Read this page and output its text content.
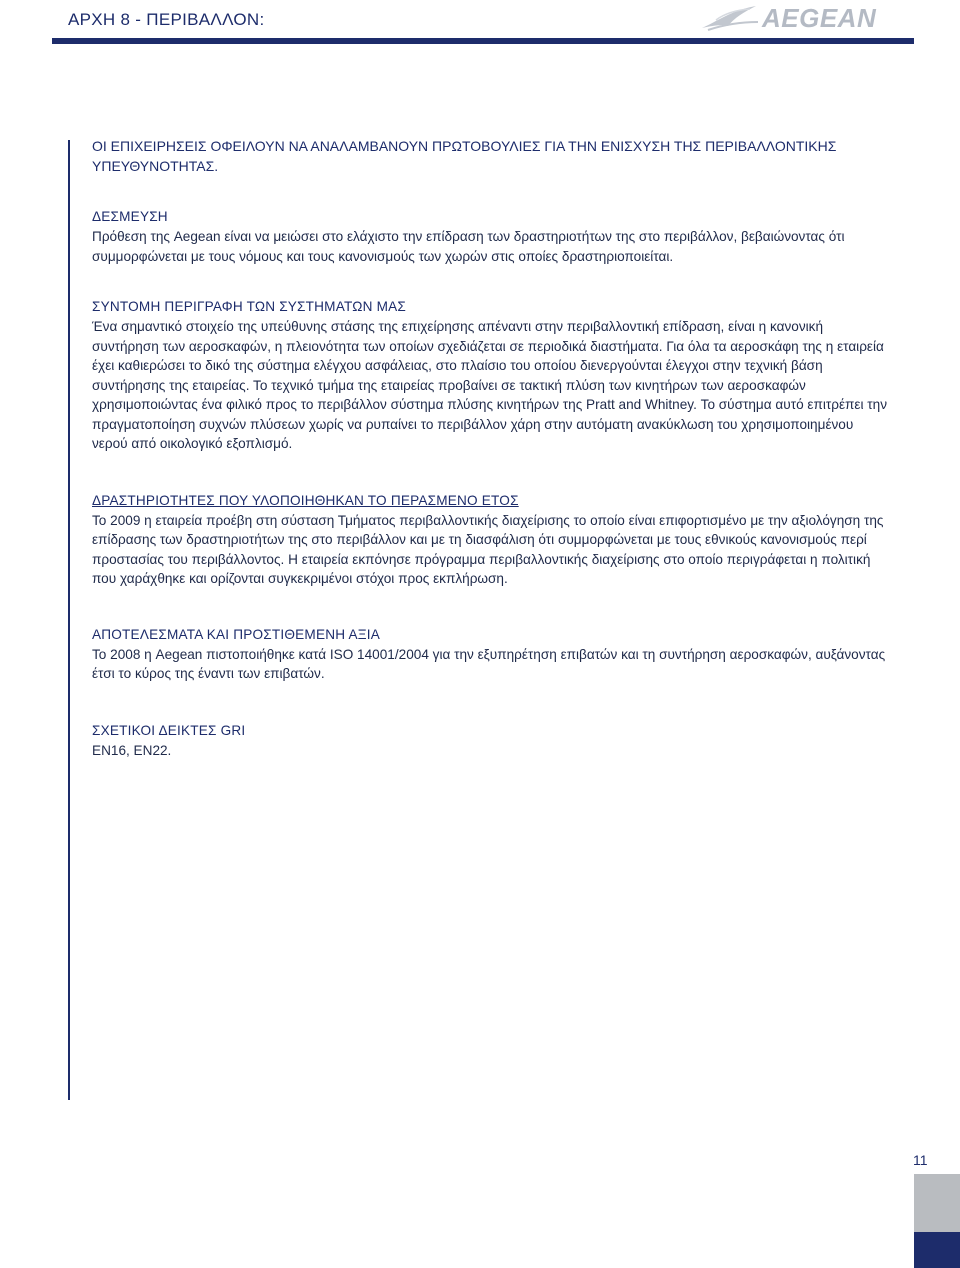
ΑΡΧΗ 8 - ΠΕΡΙΒΑΛΛΟΝ:	AEGEAN

ΟΙ ΕΠΙΧΕΙΡΗΣΕΙΣ ΟΦΕΙΛΟΥΝ ΝΑ ΑΝΑΛΑΜΒΑΝΟΥΝ ΠΡΩΤΟΒΟΥΛΙΕΣ ΓΙΑ ΤΗΝ ΕΝΙΣΧΥΣΗ ΤΗΣ ΠΕΡΙΒΑΛΛΟΝΤΙΚΗΣ ΥΠΕΥΘΥΝΟΤΗΤΑΣ.

ΔΕΣΜΕΥΣΗ

Πρόθεση της Aegean είναι να μειώσει στο ελάχιστο την επίδραση των δραστηριοτήτων της στο περιβάλλον, βεβαιώνοντας ότι συμμορφώνεται με τους νόμους και τους κανονισμούς των χωρών στις οποίες δραστηριοποιείται.

ΣΥΝΤΟΜΗ ΠΕΡΙΓΡΑΦΗ ΤΩΝ ΣΥΣΤΗΜΑΤΩΝ ΜΑΣ

Ένα σημαντικό στοιχείο της υπεύθυνης στάσης της επιχείρησης απέναντι στην περιβαλλοντική επίδραση, είναι η κανονική συντήρηση των αεροσκαφών, η πλειονότητα των οποίων σχεδιάζεται σε περιοδικά διαστήματα. Για όλα τα αεροσκάφη της η εταιρεία έχει καθιερώσει το δικό της σύστημα ελέγχου ασφάλειας, στο πλαίσιο του οποίου διενεργούνται έλεγχοι στην τεχνική βάση συντήρησης της εταιρείας. Το τεχνικό τμήμα της εταιρείας προβαίνει σε τακτική πλύση των κινητήρων των αεροσκαφών χρησιμοποιώντας ένα φιλικό προς το περιβάλλον σύστημα πλύσης κινητήρων της Pratt and Whitney. Το σύστημα αυτό επιτρέπει την πραγματοποίηση συχνών πλύσεων χωρίς να ρυπαίνει το περιβάλλον χάρη στην αυτόματη ανακύκλωση του χρησιμοποιημένου νερού από οικολογικό εξοπλισμό.

ΔΡΑΣΤΗΡΙΟΤΗΤΕΣ ΠΟΥ ΥΛΟΠΟΙΗΘΗΚΑΝ ΤΟ ΠΕΡΑΣΜΕΝΟ ΕΤΟΣ

Το 2009 η εταιρεία προέβη στη σύσταση Τμήματος περιβαλλοντικής διαχείρισης το οποίο είναι επιφορτισμένο με την αξιολόγηση της επίδρασης των δραστηριοτήτων της στο περιβάλλον και με τη διασφάλιση ότι συμμορφώνεται με τους εθνικούς κανονισμούς περί προστασίας του περιβάλλοντος. Η εταιρεία εκπόνησε πρόγραμμα περιβαλλοντικής διαχείρισης στο οποίο περιγράφεται η πολιτική που χαράχθηκε και ορίζονται συγκεκριμένοι στόχοι προς εκπλήρωση.

ΑΠΟΤΕΛΕΣΜΑΤΑ ΚΑΙ ΠΡΟΣΤΙΘΕΜΕΝΗ ΑΞΙΑ

Το 2008 η Aegean πιστοποιήθηκε κατά ISO 14001/2004 για την εξυπηρέτηση επιβατών και τη συντήρηση αεροσκαφών, αυξάνοντας έτσι το κύρος της έναντι των επιβατών.

ΣΧΕΤΙΚΟΙ ΔΕΙΚΤΕΣ GRI

EN16, EN22.

11
